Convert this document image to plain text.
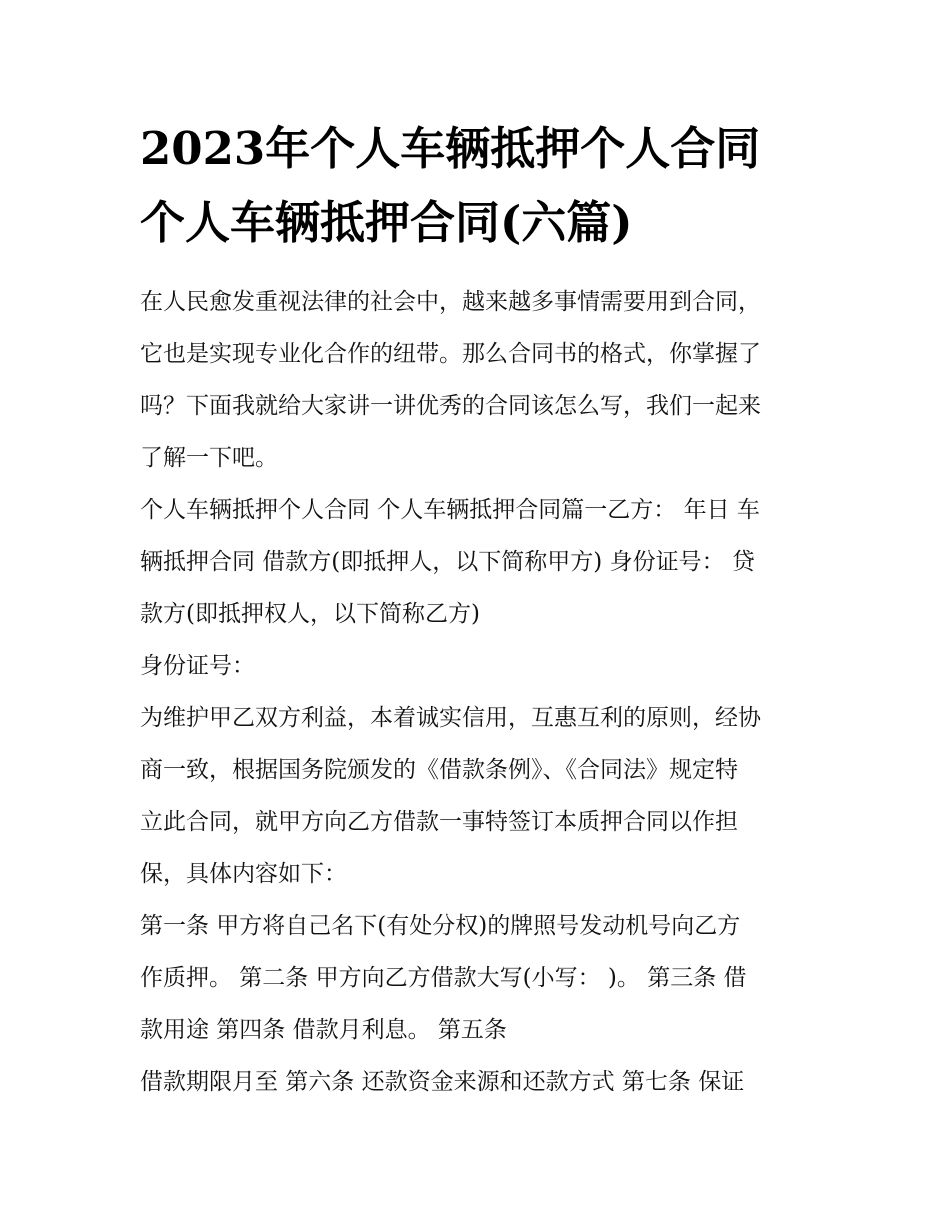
2023年个人车辆抵押个人合同
个人车辆抵押合同(六篇)

在人民愈发重视法律的社会中，越来越多事情需要用到合同，
它也是实现专业化合作的纽带。那么合同书的格式，你掌握了
吗？下面我就给大家讲一讲优秀的合同该怎么写，我们一起来
了解一下吧。

个人车辆抵押个人合同 个人车辆抵押合同篇一乙方： 年日 车
辆抵押合同 借款方(即抵押人，以下简称甲方) 身份证号： 贷
款方(即抵押权人，以下简称乙方)

身份证号：

为维护甲乙双方利益，本着诚实信用，互惠互利的原则，经协
商一致，根据国务院颁发的《借款条例》、《合同法》规定特
立此合同，就甲方向乙方借款一事特签订本质押合同以作担
保，具体内容如下：

第一条 甲方将自己名下(有处分权)的牌照号发动机号向乙方
作质押。 第二条 甲方向乙方借款大写(小写： )。 第三条 借
款用途 第四条 借款月利息。 第五条

借款期限月至 第六条 还款资金来源和还款方式 第七条 保证
